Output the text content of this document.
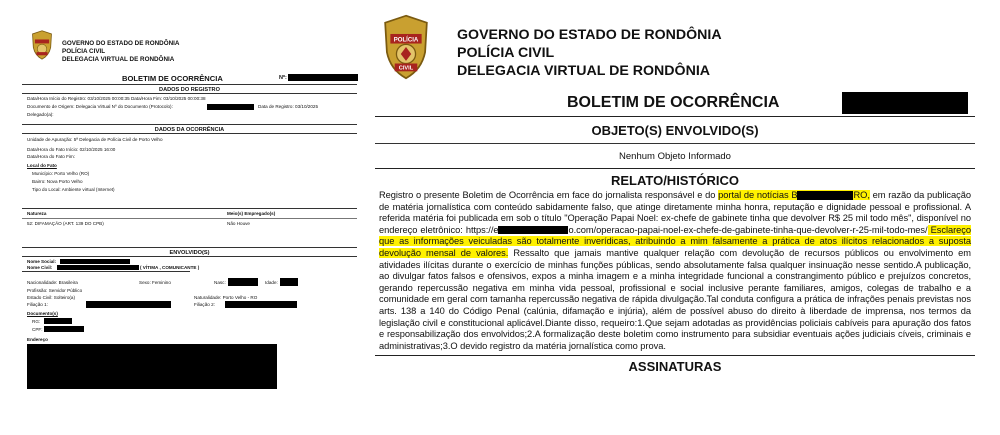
GOVERNO DO ESTADO DE RONDÔNIA
POLÍCIA CIVIL
DELEGACIA VIRTUAL DE RONDÔNIA
BOLETIM DE OCORRÊNCIA	Nº:
DADOS DO REGISTRO
Data/Hora Início do Registro: 03/10/2025 00:00:35 Data/Hora Fim: 03/10/2025 00:00:38
Documento de Origem: Delegacia Virtual Nº do Documento (Protocolo):	Data de Registro: 03/10/2025
Delegado(a):
DADOS DA OCORRÊNCIA
Unidade de Apuração: 5ª Delegacia de Polícia Civil de Porto Velho
Data/Hora do Fato Início: 02/10/2025 16:00
Data/Hora do Fato Fim:
Local do Fato
Município: Porto Velho (RO)
Bairro: Nova Porto Velho
Tipo do Local: Ambiente virtual (Internet)
Natureza	Meio(s) Empregado(s)
52: DIFAMAÇÃO (ART. 139 DO CPB)	Não Houve
ENVOLVIDO(S)
Nome Social:
Nome Civil:	( VÍTIMA , COMUNICANTE )
Nacionalidade: Brasileira	Sexo: Feminino	Nasc:	Idade:
Profissão: Servidor Público
Estado Civil: Solteiro(a)	Naturalidade: Porto Velho - RO
Filiação 1:	Filiação 2:
Documento(s)
RG:
CPF:
Endereço
POLÍCIA
CIVIL
GOVERNO DO ESTADO DE RONDÔNIA
POLÍCIA CIVIL
DELEGACIA VIRTUAL DE RONDÔNIA
BOLETIM DE OCORRÊNCIA
OBJETO(S) ENVOLVIDO(S)
Nenhum Objeto Informado
RELATO/HISTÓRICO
Registro o presente Boletim de Ocorrência em face do jornalista responsável e do portal de notícias B	RO, em razão da publicação de matéria jornalística com conteúdo sabidamente falso, que atinge diretamente minha honra, reputação e dignidade pessoal e profissional. A referida matéria foi publicada em sob o título "Operação Papai Noel: ex-chefe de gabinete tinha que devolver R$ 25 mil todo mês", disponível no endereço eletrônico: https://e	o.com/operacao-papai-noel-ex-chefe-de-gabinete-tinha-que-devolver-r-25-mil-todo-mes/ Esclareço que as informações veiculadas são totalmente inverídicas, atribuindo a mim falsamente a prática de atos ilícitos relacionados a suposta devolução mensal de valores. Ressalto que jamais mantive qualquer relação com devolução de recursos públicos ou envolvimento em atividades ilícitas durante o exercício de minhas funções públicas, sendo absolutamente falsa qualquer insinuação nesse sentido.A publicação, ao divulgar fatos falsos e ofensivos, expos a minha imagem e a minha integridade funcional a constrangimento público e prejuízos concretos, gerando repercussão negativa em minha vida pessoal, profissional e social inclusive perante familiares, amigos, colegas de trabalho e a comunidade em geral com tamanha repercussão negativa de rápida divulgação.Tal conduta configura a prática de infrações penais previstas nos arts. 138 a 140 do Código Penal (calúnia, difamação e injúria), além de possível abuso do direito à liberdade de imprensa, nos termos da legislação civil e constitucional aplicável.Diante disso, requeiro:1.Que sejam adotadas as providências policiais cabíveis para apuração dos fatos e responsabilização dos envolvidos;2.A formalização deste boletim como instrumento para subsidiar eventuais ações judiciais cíveis, criminais e administrativas;3.O devido registro da matéria jornalística como prova.
ASSINATURAS
